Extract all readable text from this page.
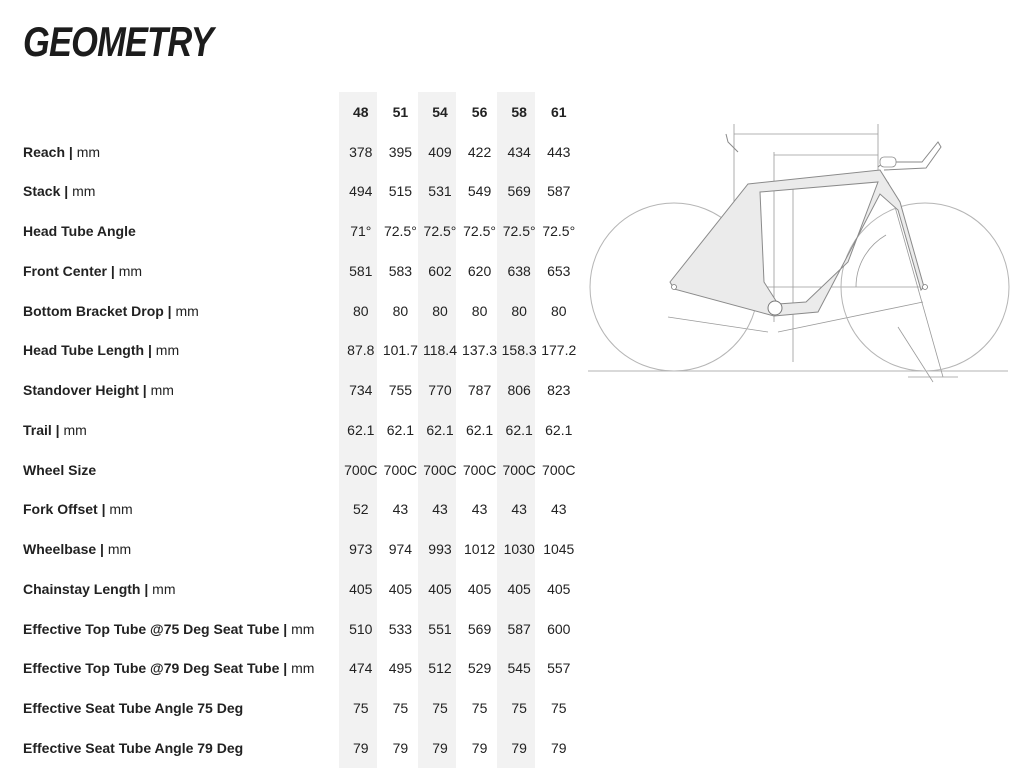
GEOMETRY
	48	51	54	56	58	61
Reach | mm	378	395	409	422	434	443
Stack | mm	494	515	531	549	569	587
Head Tube Angle	71°	72.5°	72.5°	72.5°	72.5°	72.5°
Front Center | mm	581	583	602	620	638	653
Bottom Bracket Drop | mm	80	80	80	80	80	80
Head Tube Length | mm	87.8	101.7	118.4	137.3	158.3	177.2
Standover Height | mm	734	755	770	787	806	823
Trail | mm	62.1	62.1	62.1	62.1	62.1	62.1
Wheel Size	700C	700C	700C	700C	700C	700C
Fork Offset | mm	52	43	43	43	43	43
Wheelbase | mm	973	974	993	1012	1030	1045
Chainstay Length | mm	405	405	405	405	405	405
Effective Top Tube @75 Deg Seat Tube | mm	510	533	551	569	587	600
Effective Top Tube @79 Deg Seat Tube | mm	474	495	512	529	545	557
Effective Seat Tube Angle 75 Deg	75	75	75	75	75	75
Effective Seat Tube Angle 79 Deg	79	79	79	79	79	79
